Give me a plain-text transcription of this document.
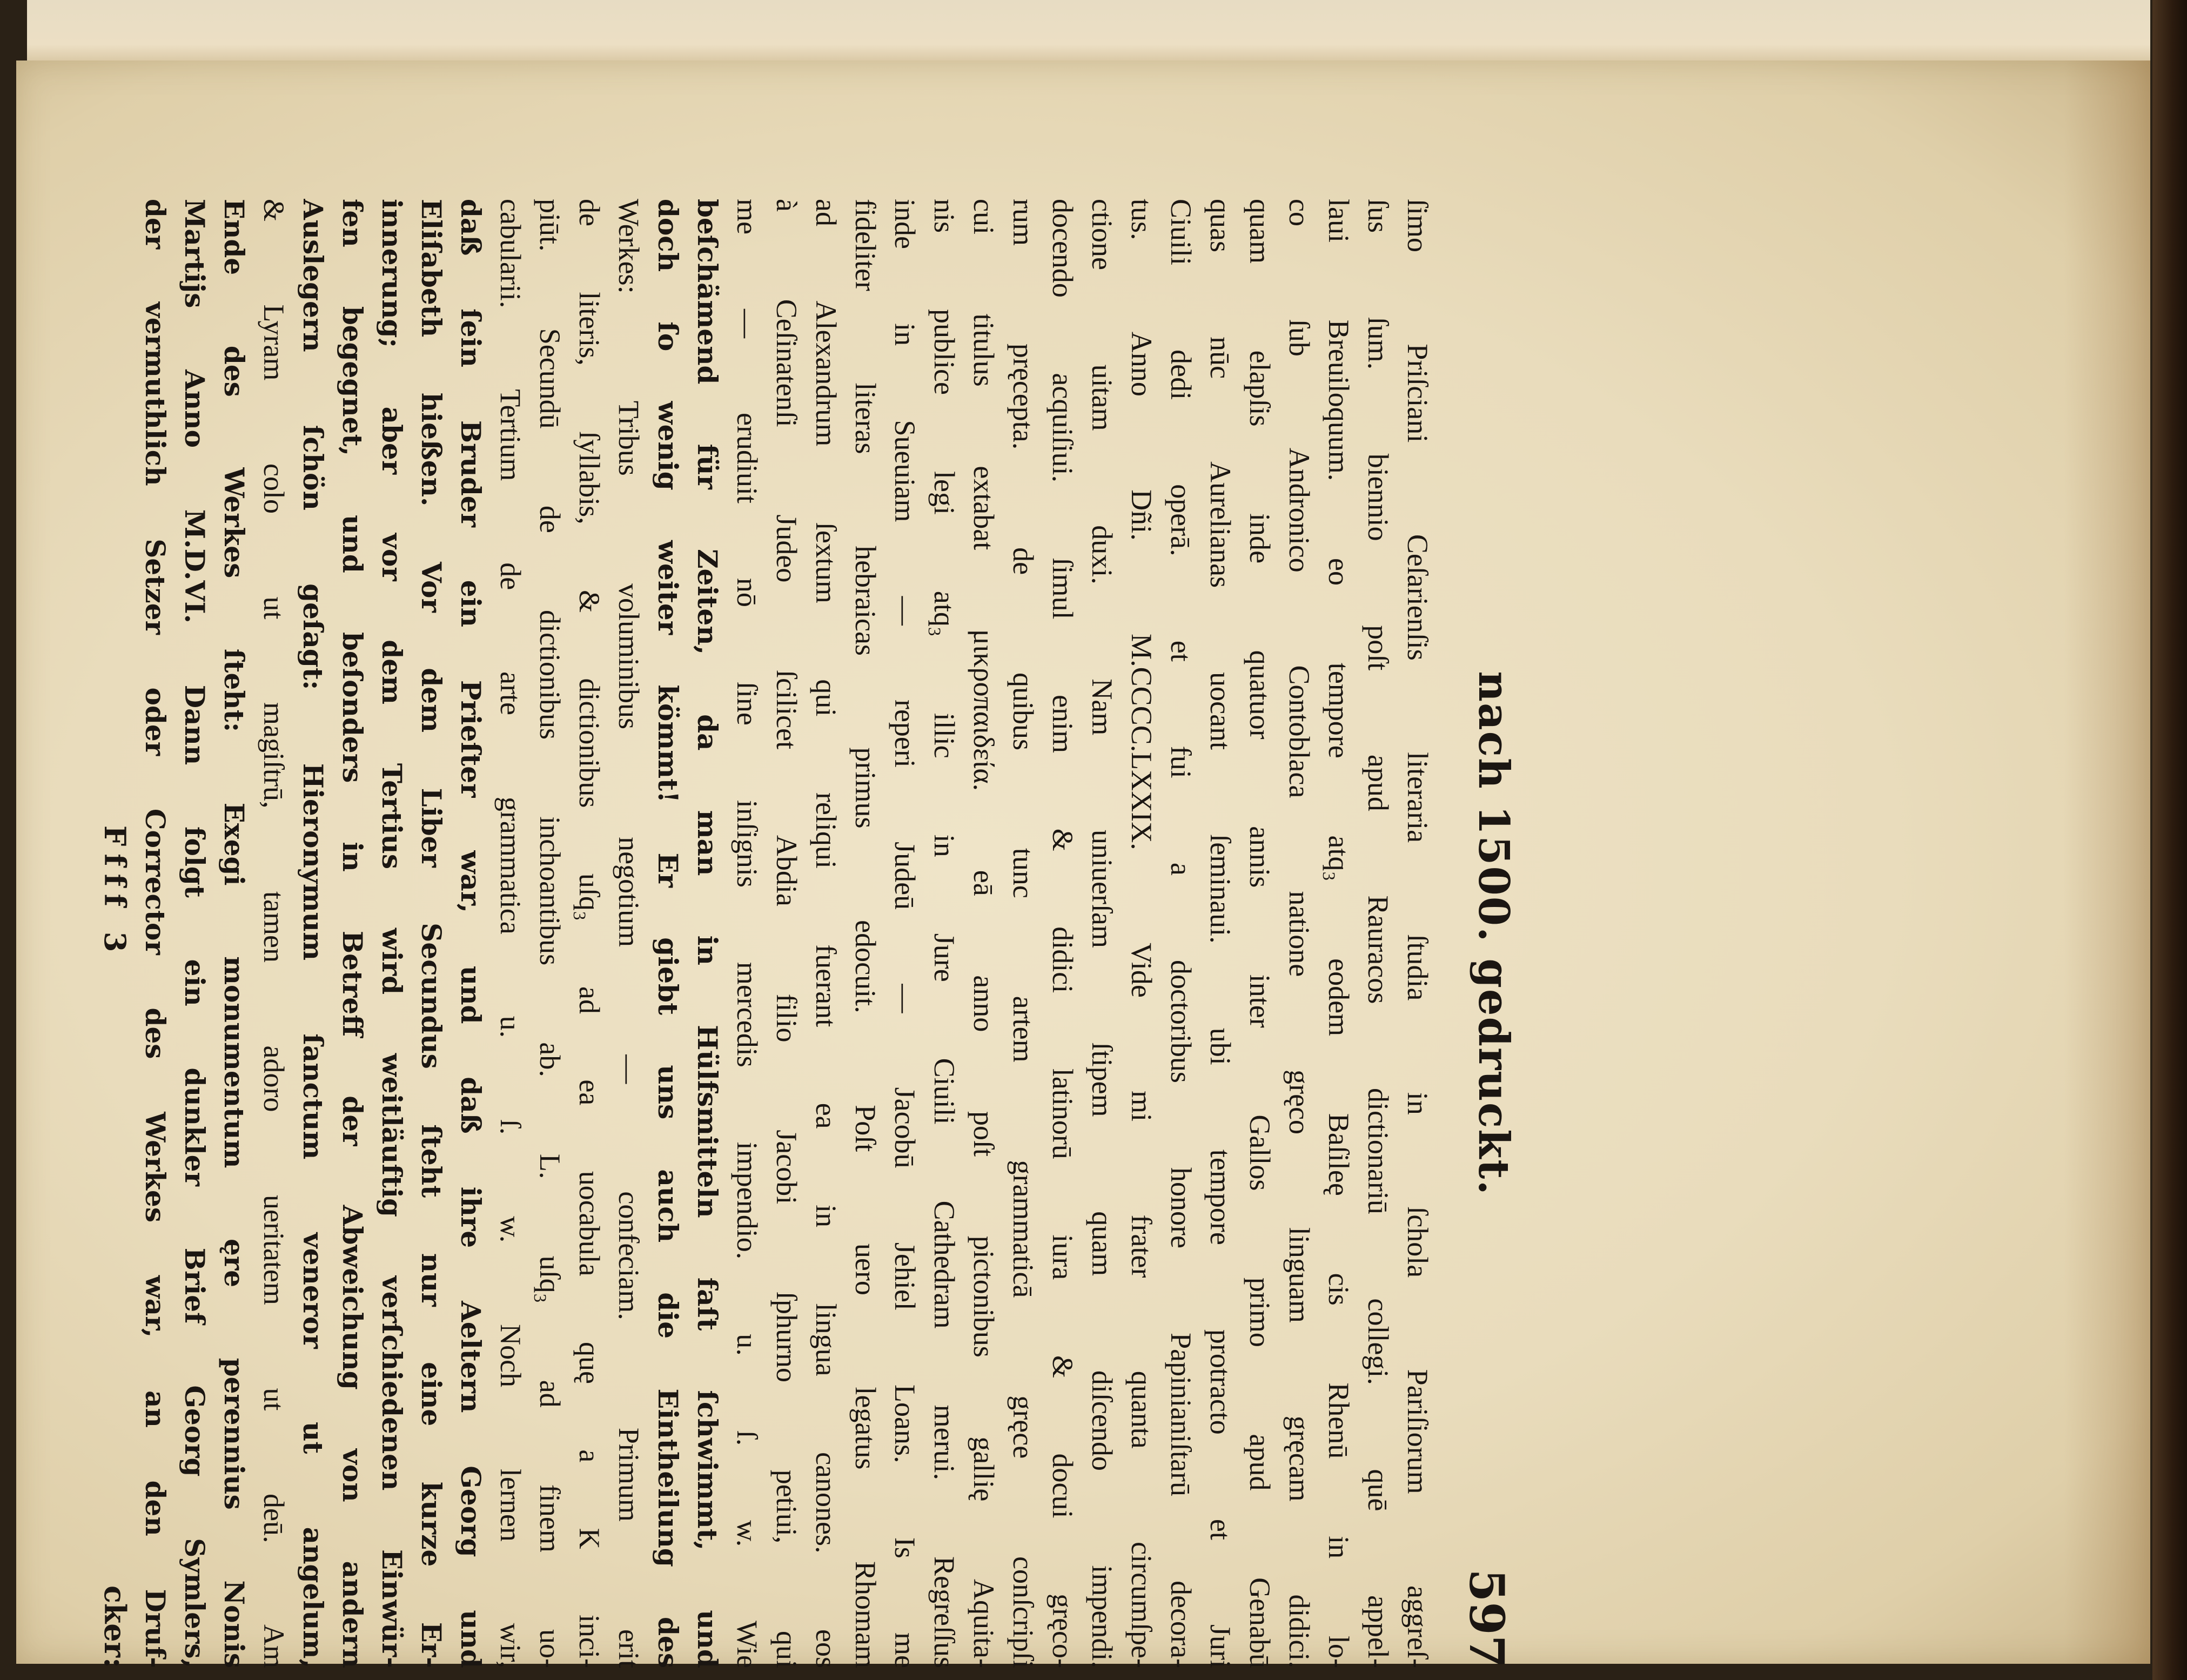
nach 1500. gedruckt.
597
ſimo Priſciani Ceſarienſis literaria ſtudia in ſchola Pariſiorum aggreſ-
ſus ſum. biennio poſt apud Rauracos dictionariū collegi. quē appel-
laui Breuiloquum. eo tempore atq₃ eodem Baſileę cis Rhenū in lo-
co ſub Andronico Contoblaca natione gręco linguam gręcam didici.
quam elapſis inde quatuor annis inter Gallos primo apud Genabū
quas nūc Aurelianas uocant ſeminaui. ubi tempore protracto et Juri
Ciuili dedi operā. et fui a doctoribus honore Papinianiſtarū decora-
tus. Anno Dñi. M.CCCC.LXXIX. Vide mi frater quanta circumſpe-
ctione uitam duxi. Nam uniuerſam ſtipem quam diſcendo impendi.
docendo acquiſiui. ſimul enim & didici latinorū iura & docui gręco-
rum pręcepta. de quibus tunc artem grammaticā gręce conſcripſi
cui titulus extabat μικροπαιδεία. eā anno poſt pictonibus gallię Aquita-
nis publice legi atq₃ illic in Jure Ciuili Cathedram merui. Regreſſus
inde in Sueuiam — reperi Judeū — Jacobū Jehiel Loans. Is me
fideliter literas hebraicas primus edocuit. Poſt uero legatus Rhomam
ad Alexandrum ſextum qui reliqui fuerant ea in lingua canones. eos
à Ceſinatenſi Judeo ſcilicet Abdia filio Jacobi ſphurno petiui, qui
me — erudiuit nō ſine inſignis mercedis impendio. u. ſ. w. Wie
beſchämend für Zeiten, da man in Hülfsmitteln faſt ſchwimmt, und
doch ſo wenig weiter kömmt! Er giebt uns auch die Eintheilung des
Werkes: Tribus voluminibus negotium — confeciam. Primum erit
de literis, ſyllabis, & dictionibus uſq₃ ad ea uocabula quę a K inci-
piūt. Secundū de dictionibus inchoantibus ab. L. uſq₃ ad finem uo-
cabularii. Tertium de arte grammatica u. ſ. w. Noch lernen wir,
daß ſein Bruder ein Prieſter war, und daß ihre Aeltern Georg und
Eliſabeth hießen. Vor dem Liber Secundus ſteht nur eine kurze Er-
innerung; aber vor dem Tertius wird weitläuftig verſchiedenen Einwür-
fen begegnet, und beſonders in Betreff der Abweichung von andern
Auslegern ſchön geſagt: Hieronymum ſanctum veneror ut angelum,
& Lyram colo ut magiſtrū, tamen adoro ueritatem ut deū. Am
Ende des Werkes ſteht: Exegi monumentum ęre perennius Nonis
Martijs Anno M.D.VI. Dann folgt ein dunkler Brief Georg Symlers,
der vermuthlich Setzer oder Corrector des Werkes war, an den Druf-
Ffff 3
cker:
